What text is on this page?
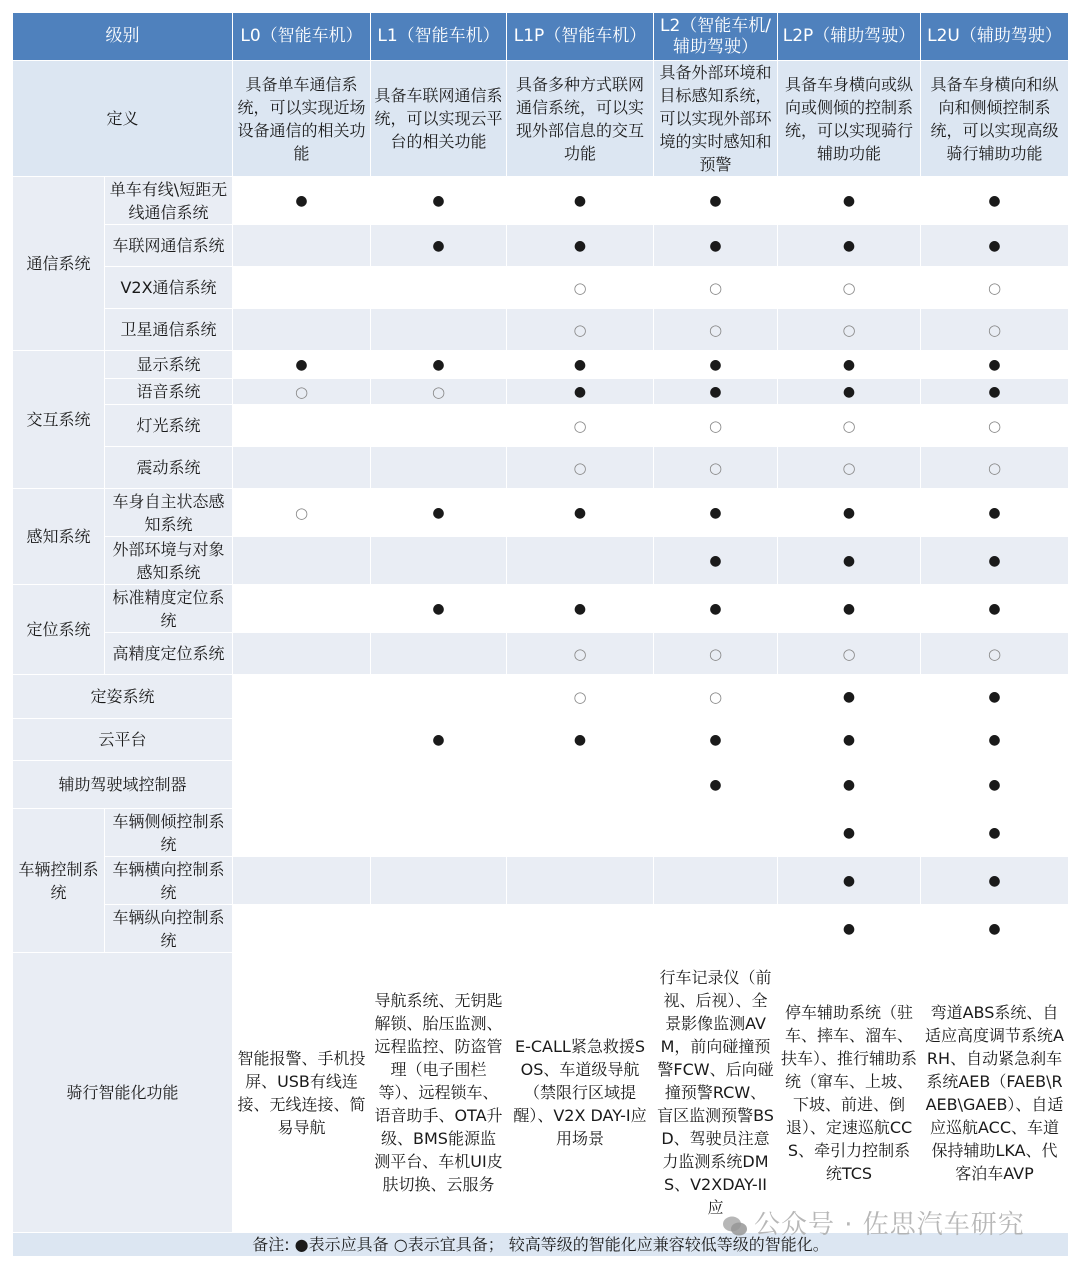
级别		L0（智能车机）	L1（智能车机）	L1P（智能车机）	L2（智能车机/辅助驾驶）	L2P（辅助驾驶）	L2U（辅助驾驶）
定义		具备单车通信系统，可以实现近场设备通信的相关功能	具备车联网通信系统，可以实现云平台的相关功能	具备多种方式联网通信系统，可以实现外部信息的交互功能	具备外部环境和目标感知系统，可以实现外部环境的实时感知和预警	具备车身横向或纵向或侧倾的控制系统，可以实现骑行辅助功能	具备车身横向和纵向和侧倾控制系统，可以实现高级骑行辅助功能
通信系统	单车有线\短距无线通信系统	●	●	●	●	●	●
	车联网通信系统		●	●	●	●	●
	V2X通信系统			○	○	○	○
	卫星通信系统			○	○	○	○
交互系统	显示系统	●	●	●	●	●	●
	语音系统	○	○	●	●	●	●
	灯光系统			○	○	○	○
	震动系统			○	○	○	○
感知系统	车身自主状态感知系统	○	●	●	●	●	●
	外部环境与对象感知系统				●	●	●
定位系统	标准精度定位系统		●	●	●	●	●
	高精度定位系统			○	○	○	○
定姿系统				○	○	●	●
云平台			●	●	●	●	●
辅助驾驶域控制器					●	●	●
车辆控制系统	车辆侧倾控制系统					●	●
	车辆横向控制系统					●	●
	车辆纵向控制系统					●	●
骑行智能化功能		智能报警、手机投屏、USB有线连接、无线连接、简易导航	导航系统、无钥匙解锁、胎压监测、远程监控、防盗管理（电子围栏等）、远程锁车、语音助手、OTA升级、BMS能源监测平台、车机UI皮肤切换、云服务	E-CALL紧急救援SOS、车道级导航（禁限行区域提醒）、V2X DAY-I应用场景	行车记录仪（前视、后视）、全景影像监测AVM，前向碰撞预警FCW、后向碰撞预警RCW、盲区监测预警BSD、驾驶员注意力监测系统DMS、V2XDAY-II应	停车辅助系统（驻车、摔车、溜车、扶车）、推行辅助系统（窜车、上坡、下坡、前进、倒退）、定速巡航CCS、牵引力控制系统TCS	弯道ABS系统、自适应高度调节系统ARH、自动紧急刹车系统AEB（FAEB\RAEB\GAEB）、自适应巡航ACC、车道保持辅助LKA、代客泊车AVP
备注: ●表示应具备 ○表示宜具备； 较高等级的智能化应兼容较低等级的智能化。							
公众号 · 佐思汽车研究
